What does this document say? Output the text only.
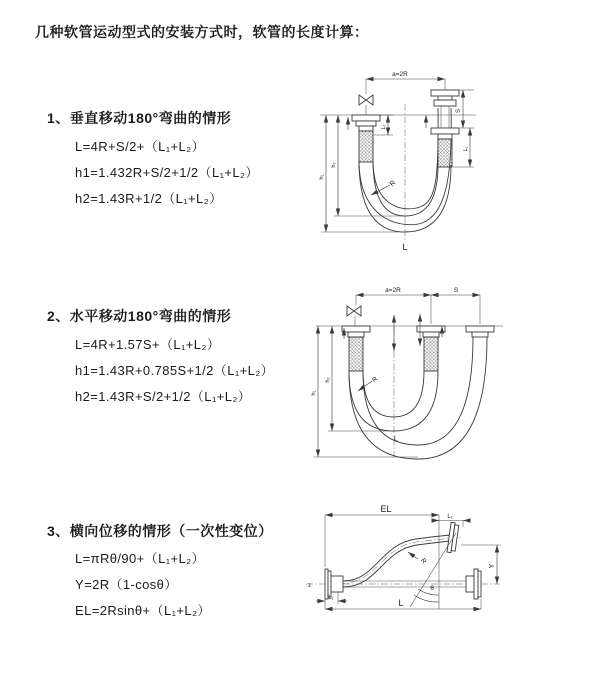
几种软管运动型式的安装方式时，软管的长度计算：
1、垂直移动180°弯曲的情形
L=4R+S/2+（L₁+L₂）
h1=1.432R+S/2+1/2（L₁+L₂）
h2=1.43R+1/2（L₁+L₂）
2、水平移动180°弯曲的情形
L=4R+1.57S+（L₁+L₂）
h1=1.43R+0.785S+1/2（L₁+L₂）
h2=1.43R+S/2+1/2（L₁+L₂）
3、横向位移的情形（一次性变位）
L=πRθ/90+（L₁+L₂）
Y=2R（1-cosθ）
EL=2Rsinθ+（L₁+L₂）
a=2R
L₁
S
L₁
h₁
h₂
R
L
a=2R	S
h₁
h₂	R
L
z
EL
L₁
Y
θ
R
L₁	L
